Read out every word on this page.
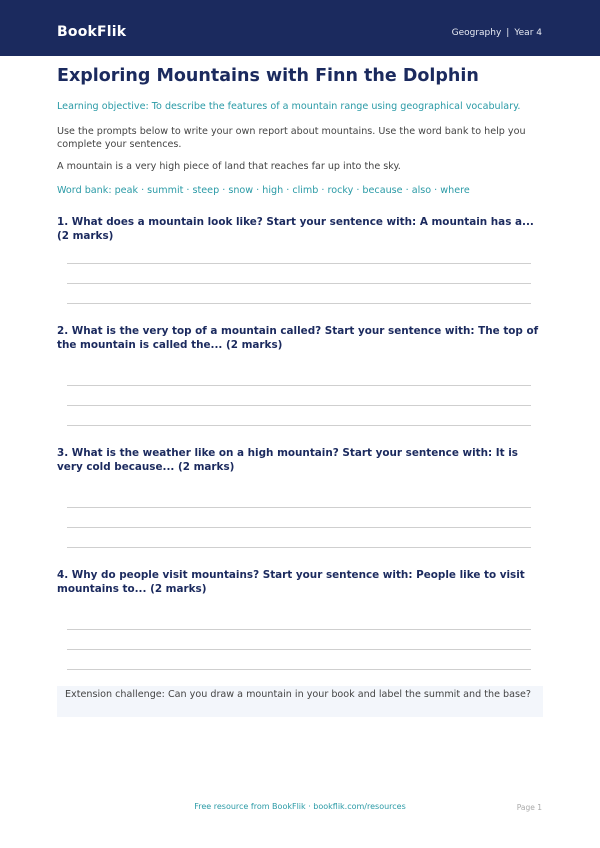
BookFlik	Geography | Year 4
Exploring Mountains with Finn the Dolphin

Learning objective: To describe the features of a mountain range using geographical vocabulary.

Use the prompts below to write your own report about mountains. Use the word bank to help you complete your sentences.

A mountain is a very high piece of land that reaches far up into the sky.

Word bank: peak · summit · steep · snow · high · climb · rocky · because · also · where

1. What does a mountain look like? Start your sentence with: A mountain has a... (2 marks)

2. What is the very top of a mountain called? Start your sentence with: The top of the mountain is called the... (2 marks)

3. What is the weather like on a high mountain? Start your sentence with: It is very cold because... (2 marks)

4. Why do people visit mountains? Start your sentence with: People like to visit mountains to... (2 marks)

Extension challenge: Can you draw a mountain in your book and label the summit and the base?
Free resource from BookFlik · bookflik.com/resources	Page 1
